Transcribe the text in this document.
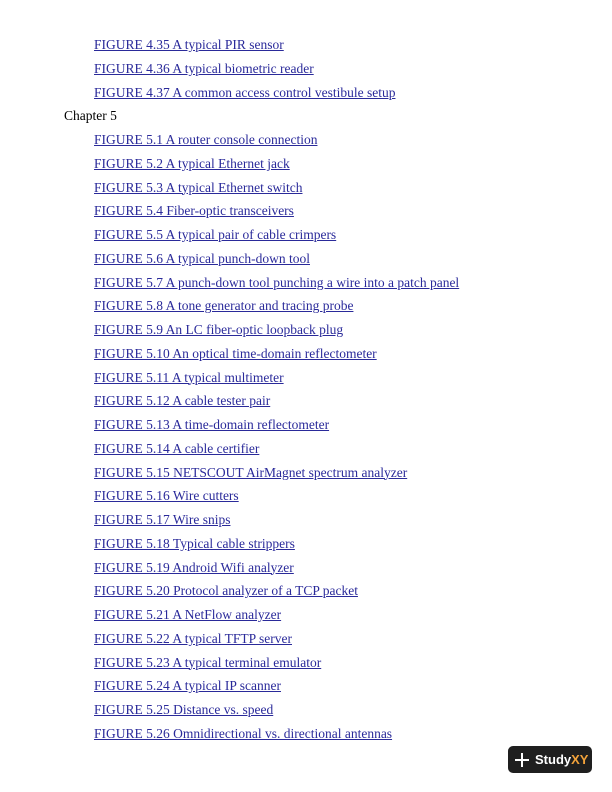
FIGURE 4.35 A typical PIR sensor
FIGURE 4.36 A typical biometric reader
FIGURE 4.37 A common access control vestibule setup
Chapter 5
FIGURE 5.1 A router console connection
FIGURE 5.2 A typical Ethernet jack
FIGURE 5.3 A typical Ethernet switch
FIGURE 5.4 Fiber-optic transceivers
FIGURE 5.5 A typical pair of cable crimpers
FIGURE 5.6 A typical punch-down tool
FIGURE 5.7 A punch-down tool punching a wire into a patch panel
FIGURE 5.8 A tone generator and tracing probe
FIGURE 5.9 An LC fiber-optic loopback plug
FIGURE 5.10 An optical time-domain reflectometer
FIGURE 5.11 A typical multimeter
FIGURE 5.12 A cable tester pair
FIGURE 5.13 A time-domain reflectometer
FIGURE 5.14 A cable certifier
FIGURE 5.15 NETSCOUT AirMagnet spectrum analyzer
FIGURE 5.16 Wire cutters
FIGURE 5.17 Wire snips
FIGURE 5.18 Typical cable strippers
FIGURE 5.19 Android Wifi analyzer
FIGURE 5.20 Protocol analyzer of a TCP packet
FIGURE 5.21 A NetFlow analyzer
FIGURE 5.22 A typical TFTP server
FIGURE 5.23 A typical terminal emulator
FIGURE 5.24 A typical IP scanner
FIGURE 5.25 Distance vs. speed
FIGURE 5.26 Omnidirectional vs. directional antennas
StudyXY
